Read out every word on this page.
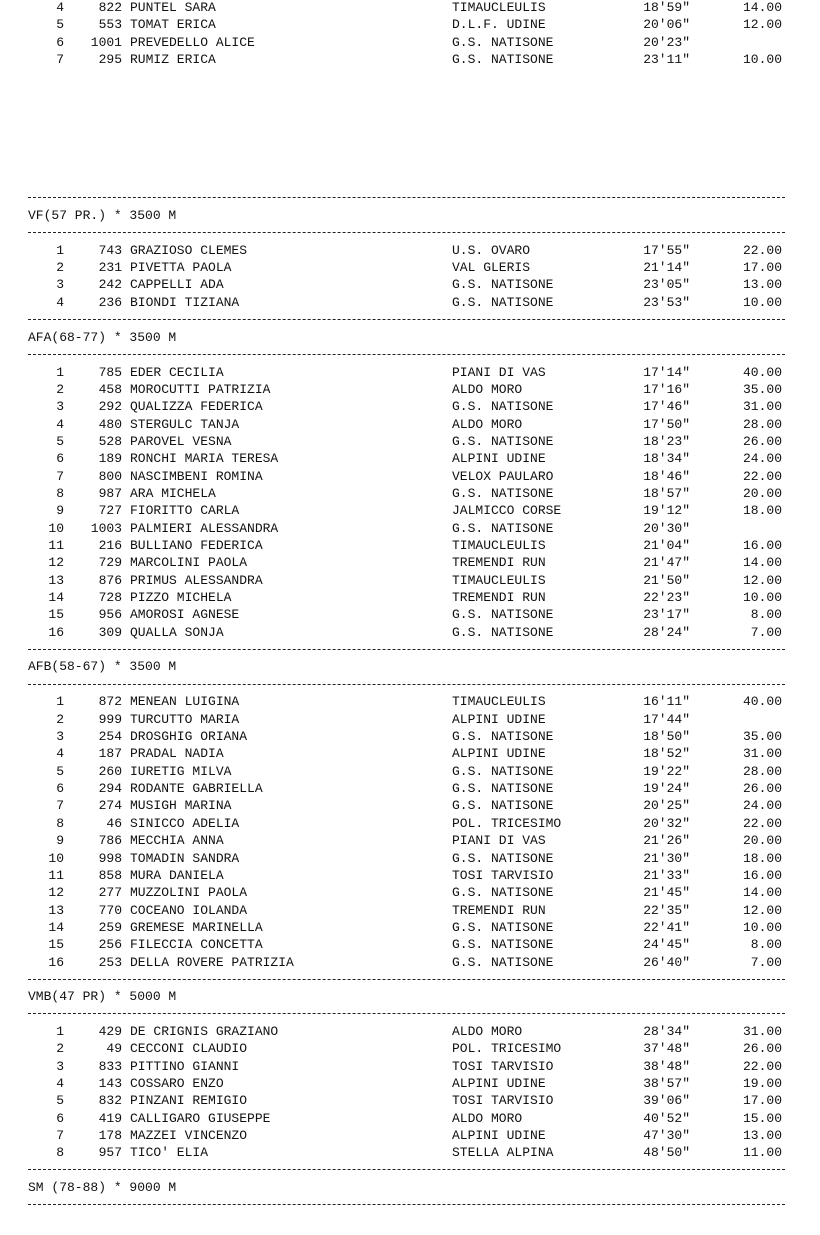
4	822 PUNTEL SARA	TIMAUCLEULIS	18'59"	14.00
5	553 TOMAT ERICA	D.L.F. UDINE	20'06"	12.00
6	1001 PREVEDELLO ALICE	G.S. NATISONE	20'23"
7	295 RUMIZ ERICA	G.S. NATISONE	23'11"	10.00
VF(57 PR.) * 3500 M
1	743 GRAZIOSO CLEMES	U.S. OVARO	17'55"	22.00
2	231 PIVETTA PAOLA	VAL GLERIS	21'14"	17.00
3	242 CAPPELLI ADA	G.S. NATISONE	23'05"	13.00
4	236 BIONDI TIZIANA	G.S. NATISONE	23'53"	10.00
AFA(68-77) * 3500 M
1	785 EDER CECILIA	PIANI DI VAS	17'14"	40.00
2	458 MOROCUTTI PATRIZIA	ALDO MORO	17'16"	35.00
3	292 QUALIZZA FEDERICA	G.S. NATISONE	17'46"	31.00
4	480 STERGULC TANJA	ALDO MORO	17'50"	28.00
5	528 PAROVEL VESNA	G.S. NATISONE	18'23"	26.00
6	189 RONCHI MARIA TERESA	ALPINI UDINE	18'34"	24.00
7	800 NASCIMBENI ROMINA	VELOX PAULARO	18'46"	22.00
8	987 ARA MICHELA	G.S. NATISONE	18'57"	20.00
9	727 FIORITTO CARLA	JALMICCO CORSE	19'12"	18.00
10	1003 PALMIERI ALESSANDRA	G.S. NATISONE	20'30"
11	216 BULLIANO FEDERICA	TIMAUCLEULIS	21'04"	16.00
12	729 MARCOLINI PAOLA	TREMENDI RUN	21'47"	14.00
13	876 PRIMUS ALESSANDRA	TIMAUCLEULIS	21'50"	12.00
14	728 PIZZO MICHELA	TREMENDI RUN	22'23"	10.00
15	956 AMOROSI AGNESE	G.S. NATISONE	23'17"	8.00
16	309 QUALLA SONJA	G.S. NATISONE	28'24"	7.00
AFB(58-67) * 3500 M
1	872 MENEAN LUIGINA	TIMAUCLEULIS	16'11"	40.00
2	999 TURCUTTO MARIA	ALPINI UDINE	17'44"
3	254 DROSGHIG ORIANA	G.S. NATISONE	18'50"	35.00
4	187 PRADAL NADIA	ALPINI UDINE	18'52"	31.00
5	260 IURETIG MILVA	G.S. NATISONE	19'22"	28.00
6	294 RODANTE GABRIELLA	G.S. NATISONE	19'24"	26.00
7	274 MUSIGH MARINA	G.S. NATISONE	20'25"	24.00
8	46 SINICCO ADELIA	POL. TRICESIMO	20'32"	22.00
9	786 MECCHIA ANNA	PIANI DI VAS	21'26"	20.00
10	998 TOMADIN SANDRA	G.S. NATISONE	21'30"	18.00
11	858 MURA DANIELA	TOSI TARVISIO	21'33"	16.00
12	277 MUZZOLINI PAOLA	G.S. NATISONE	21'45"	14.00
13	770 COCEANO IOLANDA	TREMENDI RUN	22'35"	12.00
14	259 GREMESE MARINELLA	G.S. NATISONE	22'41"	10.00
15	256 FILECCIA CONCETTA	G.S. NATISONE	24'45"	8.00
16	253 DELLA ROVERE PATRIZIA	G.S. NATISONE	26'40"	7.00
VMB(47 PR) * 5000 M
1	429 DE CRIGNIS GRAZIANO	ALDO MORO	28'34"	31.00
2	49 CECCONI CLAUDIO	POL. TRICESIMO	37'48"	26.00
3	833 PITTINO GIANNI	TOSI TARVISIO	38'48"	22.00
4	143 COSSARO ENZO	ALPINI UDINE	38'57"	19.00
5	832 PINZANI REMIGIO	TOSI TARVISIO	39'06"	17.00
6	419 CALLIGARO GIUSEPPE	ALDO MORO	40'52"	15.00
7	178 MAZZEI VINCENZO	ALPINI UDINE	47'30"	13.00
8	957 TICO' ELIA	STELLA ALPINA	48'50"	11.00
SM (78-88) * 9000 M
